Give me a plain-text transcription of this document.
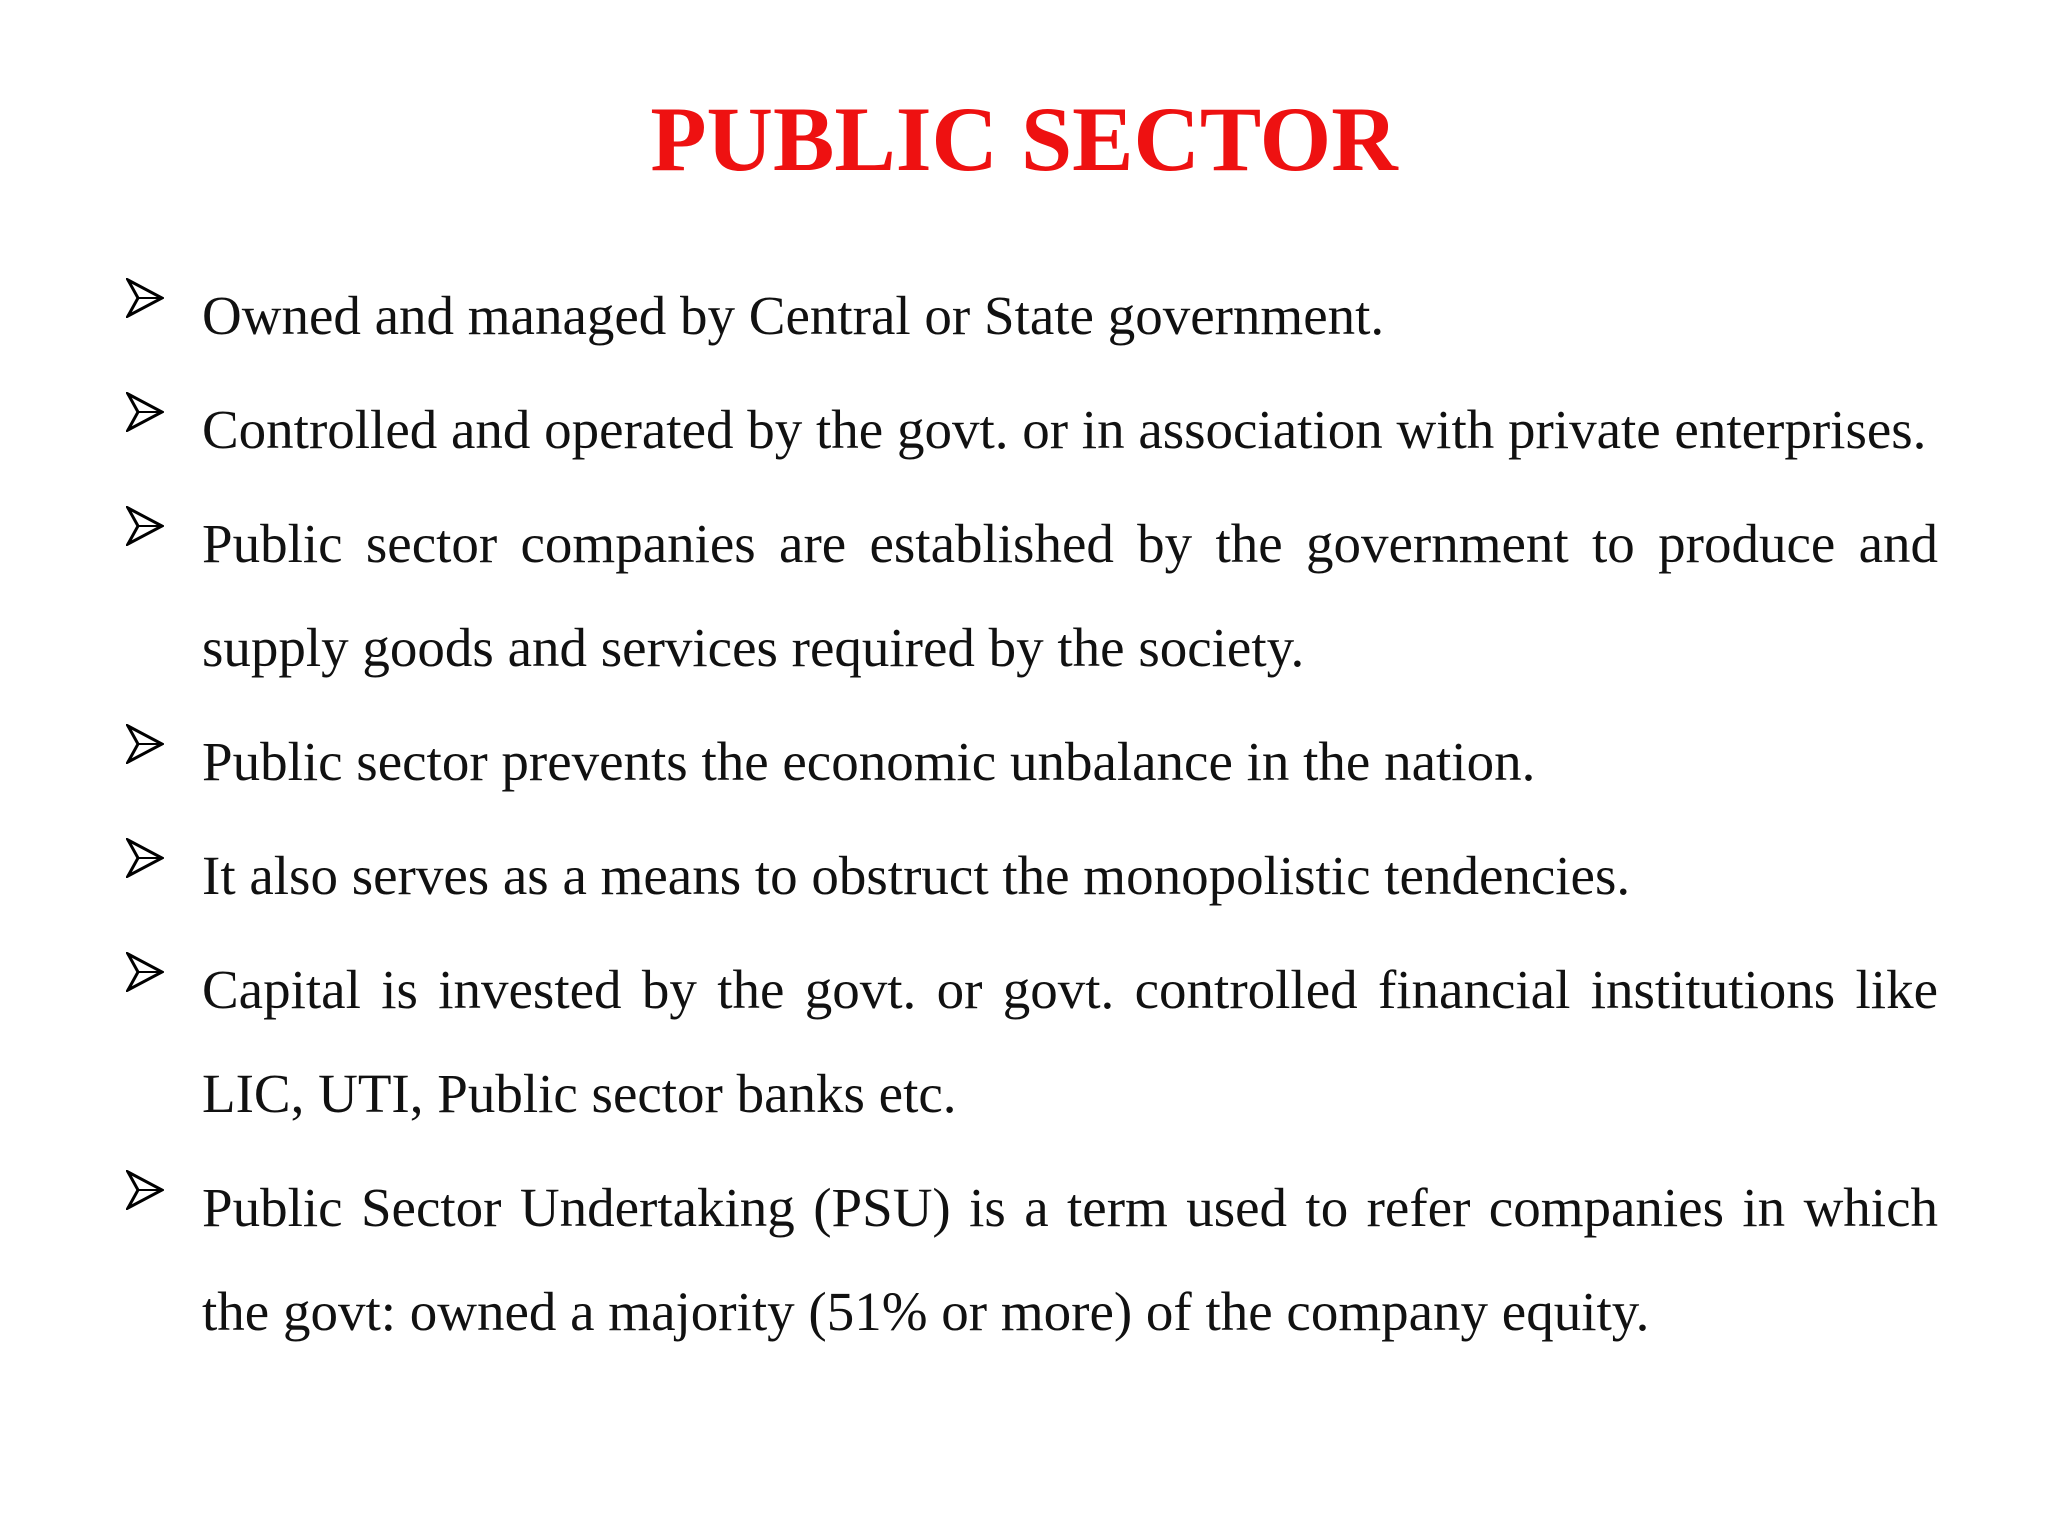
PUBLIC SECTOR
Owned and managed by Central or State government.
Controlled and operated by the govt. or in association with private enterprises.
Public sector companies are established by the government to produce and supply goods and services required by the society.
Public sector prevents the economic unbalance in the nation.
It also serves as a means to obstruct the monopolistic tendencies.
Capital is invested by the govt. or govt. controlled financial institutions like LIC, UTI, Public sector banks etc.
Public Sector Undertaking (PSU) is a term used to refer companies in which the govt: owned a majority (51% or more) of the company equity.
